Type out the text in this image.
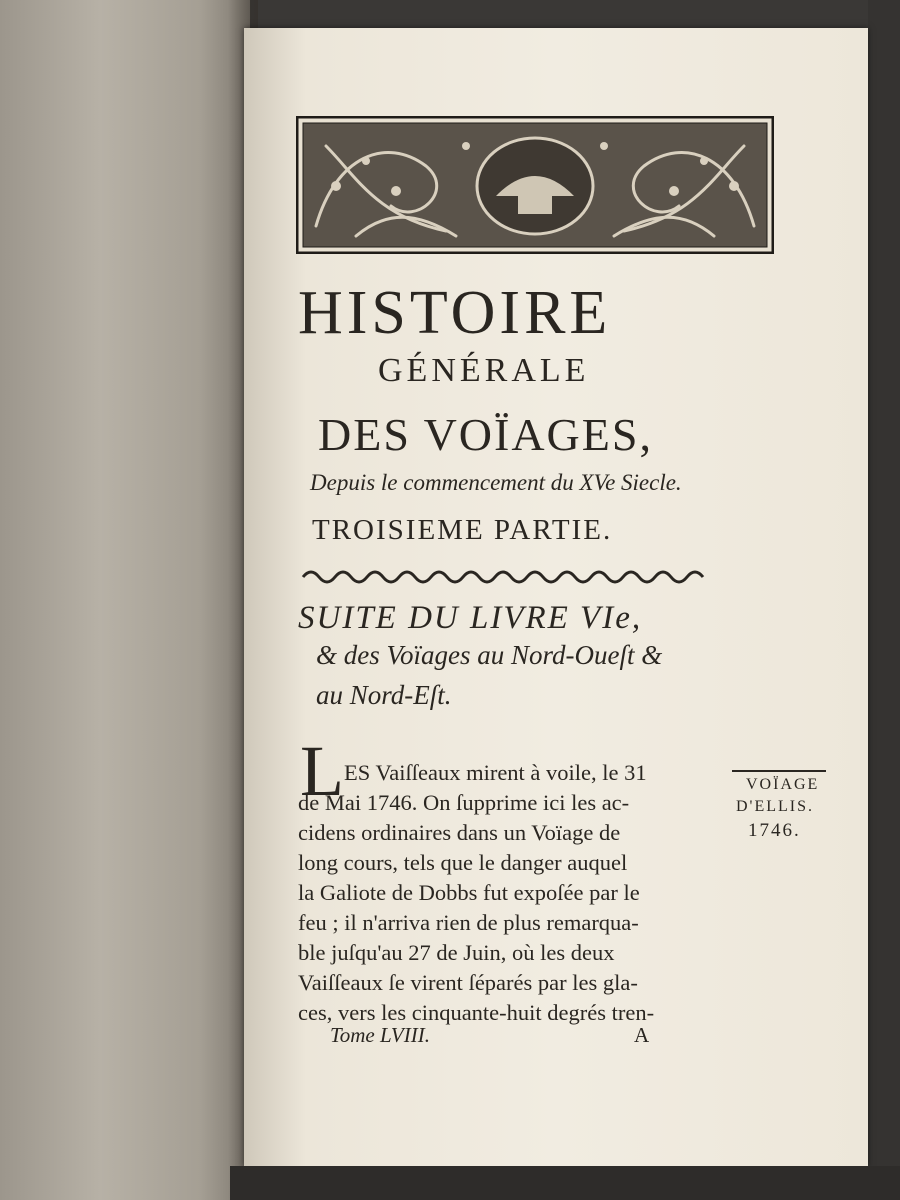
HISTOIRE
GÉNÉRALE
DES VOÏAGES,
Depuis le commencement du XVe Siecle.
TROISIEME PARTIE.
SUITE DU LIVRE VIe,
& des Voïages au Nord-Oueſt &
au Nord-Eſt.
L ES Vaiſſeaux mirent à voile, le 31
de Mai 1746. On ſupprime ici les ac-
cidens ordinaires dans un Voïage de
long cours, tels que le danger auquel
la Galiote de Dobbs fut expoſée par le
feu ; il n'arriva rien de plus remarqua-
ble juſqu'au 27 de Juin, où les deux
Vaiſſeaux ſe virent ſéparés par les gla-
ces, vers les cinquante-huit degrés tren-
VOÏAGE
D'ELLIS.
1746.
Tome LVIII.	A
